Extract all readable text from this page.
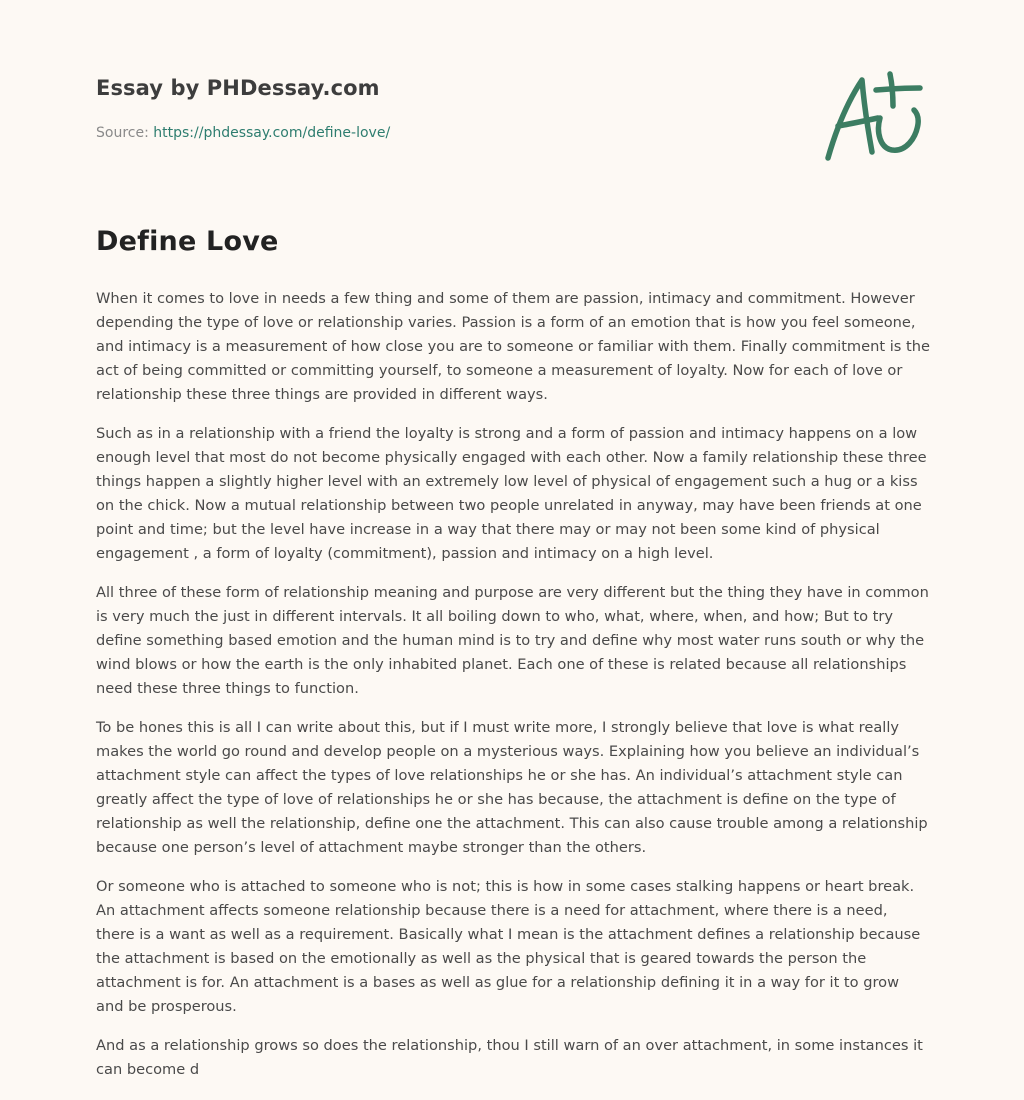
Essay by PHDessay.com
Source: https://phdessay.com/define-love/
Define Love

When it comes to love in needs a few thing and some of them are passion, intimacy and commitment. However depending the type of love or relationship varies. Passion is a form of an emotion that is how you feel someone, and intimacy is a measurement of how close you are to someone or familiar with them. Finally commitment is the act of being committed or committing yourself, to someone a measurement of loyalty. Now for each of love or relationship these three things are provided in different ways.

Such as in a relationship with a friend the loyalty is strong and a form of passion and intimacy happens on a low enough level that most do not become physically engaged with each other. Now a family relationship these three things happen a slightly higher level with an extremely low level of physical of engagement such a hug or a kiss on the chick. Now a mutual relationship between two people unrelated in anyway, may have been friends at one point and time; but the level have increase in a way that there may or may not been some kind of physical engagement , a form of loyalty (commitment), passion and intimacy on a high level.

All three of these form of relationship meaning and purpose are very different but the thing they have in common is very much the just in different intervals. It all boiling down to who, what, where, when, and how; But to try define something based emotion and the human mind is to try and define why most water runs south or why the wind blows or how the earth is the only inhabited planet. Each one of these is related because all relationships need these three things to function.

To be hones this is all I can write about this, but if I must write more, I strongly believe that love is what really makes the world go round and develop people on a mysterious ways. Explaining how you believe an individual’s attachment style can affect the types of love relationships he or she has. An individual’s attachment style can greatly affect the type of love of relationships he or she has because, the attachment is define on the type of relationship as well the relationship, define one the attachment. This can also cause trouble among a relationship because one person’s level of attachment maybe stronger than the others.

Or someone who is attached to someone who is not; this is how in some cases stalking happens or heart break. An attachment affects someone relationship because there is a need for attachment, where there is a need, there is a want as well as a requirement. Basically what I mean is the attachment defines a relationship because the attachment is based on the emotionally as well as the physical that is geared towards the person the attachment is for. An attachment is a bases as well as glue for a relationship defining it in a way for it to grow and be prosperous.

And as a relationship grows so does the relationship, thou I still warn of an over attachment, in some instances it can become d
